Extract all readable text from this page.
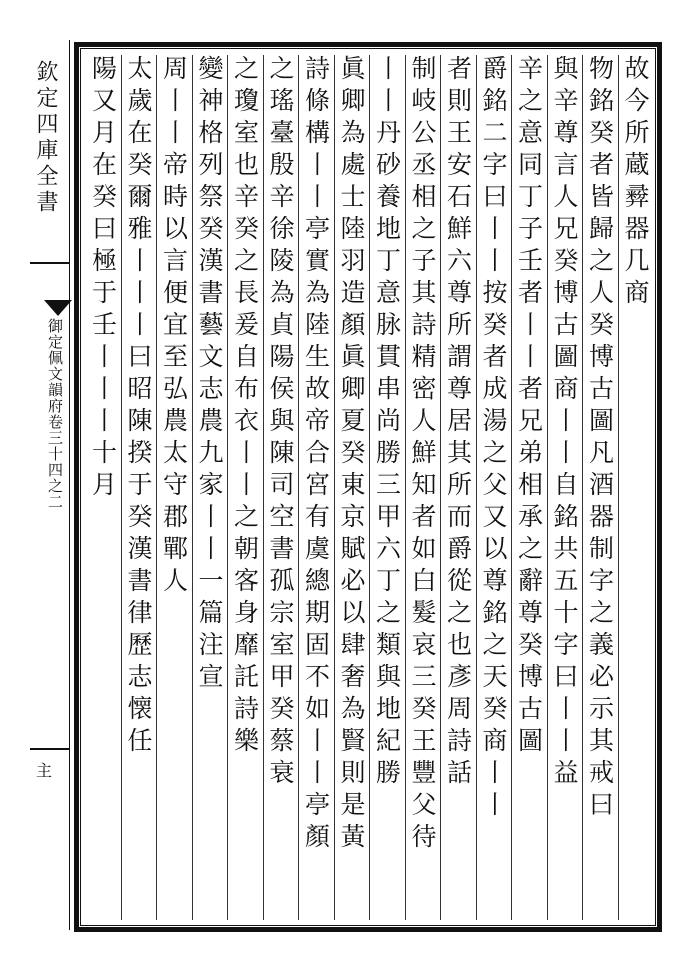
欽定四庫全書
御定佩文韻府卷三十四之二
主
故今所蔵彛器几商
物銘癸者皆歸之人癸博古圖凡酒器制字之義必示其戒曰
與辛尊言人兄癸博古圖商丨丨自銘共五十字曰丨丨益
辛之意同丁子壬者丨丨者兄弟相承之辭尊癸博古圖
爵銘二字曰丨丨按癸者成湯之父又以尊銘之天癸商丨丨
者則王安石鮮六尊所謂尊居其所而爵從之也彥周詩話
制岐公丞相之子其詩精密人鮮知者如白髮哀三癸王豐父待
丨丨丹砂養地丁意脉貫串尚勝三甲六丁之類與地紀勝
眞卿為處士陸羽造顏眞卿夏癸東京賦必以肆奢為賢則是黃
詩條構丨丨亭實為陸生故帝合宮有虞總期固不如丨丨亭顏
之瑤臺殷辛徐陵為貞陽侯與陳司空書孤宗室甲癸蔡衰
之瓊室也辛癸之長爰自布衣丨丨之朝客身靡託詩樂
變神格列祭癸漢書藝文志農九家丨丨一篇注宣
周丨丨帝時以言便宜至弘農太守郡鄲人
太歲在癸爾雅丨丨丨曰昭陳揆于癸漢書律歷志懐任
陽又月在癸曰極于壬丨丨丨十月
